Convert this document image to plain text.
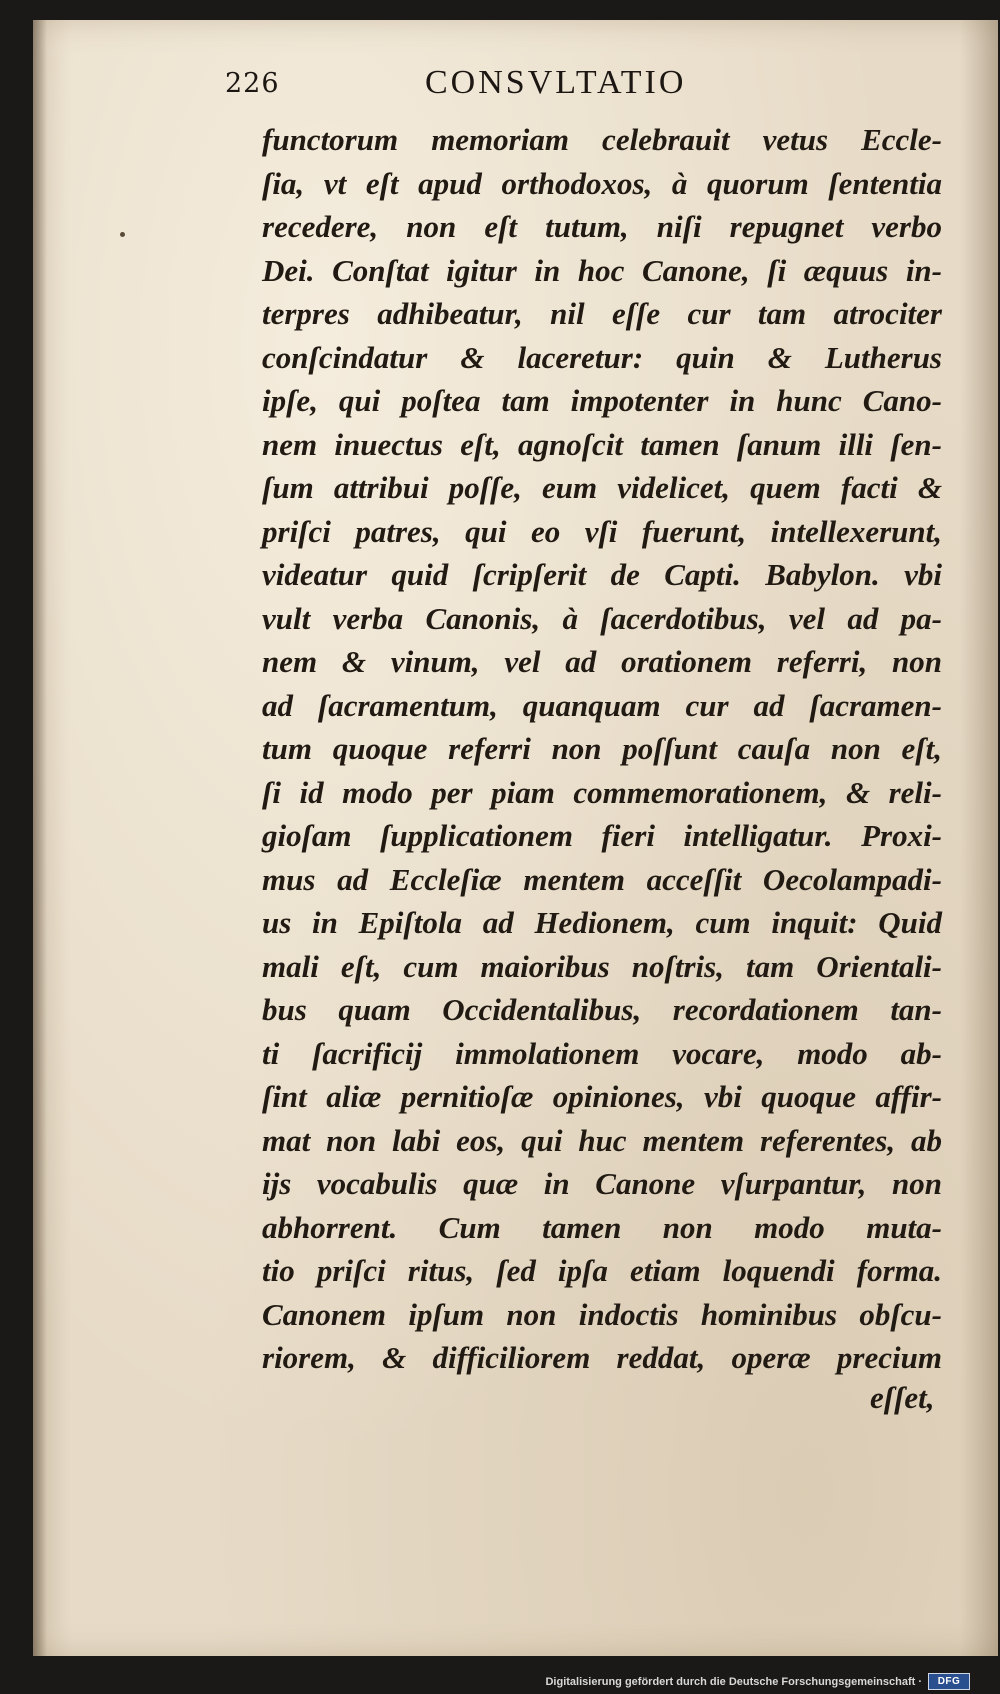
226	CONSVLTATIO
functorum memoriam celebrauit vetus Eccle-
ſia, vt eſt apud orthodoxos, à quorum ſententia
recedere, non eſt tutum, niſi repugnet verbo
Dei. Conſtat igitur in hoc Canone, ſi æquus in-
terpres adhibeatur, nil eſſe cur tam atrociter
conſcindatur & laceretur: quin & Lutherus
ipſe, qui poſtea tam impotenter in hunc Cano-
nem inuectus eſt, agnoſcit tamen ſanum illi ſen-
ſum attribui poſſe, eum videlicet, quem facti &
priſci patres, qui eo vſi fuerunt, intellexerunt,
videatur quid ſcripſerit de Capti. Babylon. vbi
vult verba Canonis, à ſacerdotibus, vel ad pa-
nem & vinum, vel ad orationem referri, non
ad ſacramentum, quanquam cur ad ſacramen-
tum quoque referri non poſſunt cauſa non eſt,
ſi id modo per piam commemorationem, & reli-
gioſam ſupplicationem fieri intelligatur. Proxi-
mus ad Eccleſiæ mentem acceſſit Oecolampadi-
us in Epiſtola ad Hedionem, cum inquit: Quid
mali eſt, cum maioribus noſtris, tam Orientali-
bus quam Occidentalibus, recordationem tan-
ti ſacrificij immolationem vocare, modo ab-
ſint aliæ pernitioſæ opiniones, vbi quoque affir-
mat non labi eos, qui huc mentem referentes, ab
ijs vocabulis quæ in Canone vſurpantur, non
abhorrent. Cum tamen non modo muta-
tio priſci ritus, ſed ipſa etiam loquendi forma.
Canonem ipſum non indoctis hominibus obſcu-
riorem, & difficiliorem reddat, operæ precium
eſſet,
Digitalisierung gefördert durch die Deutsche Forschungsgemeinschaft ·	DFG
